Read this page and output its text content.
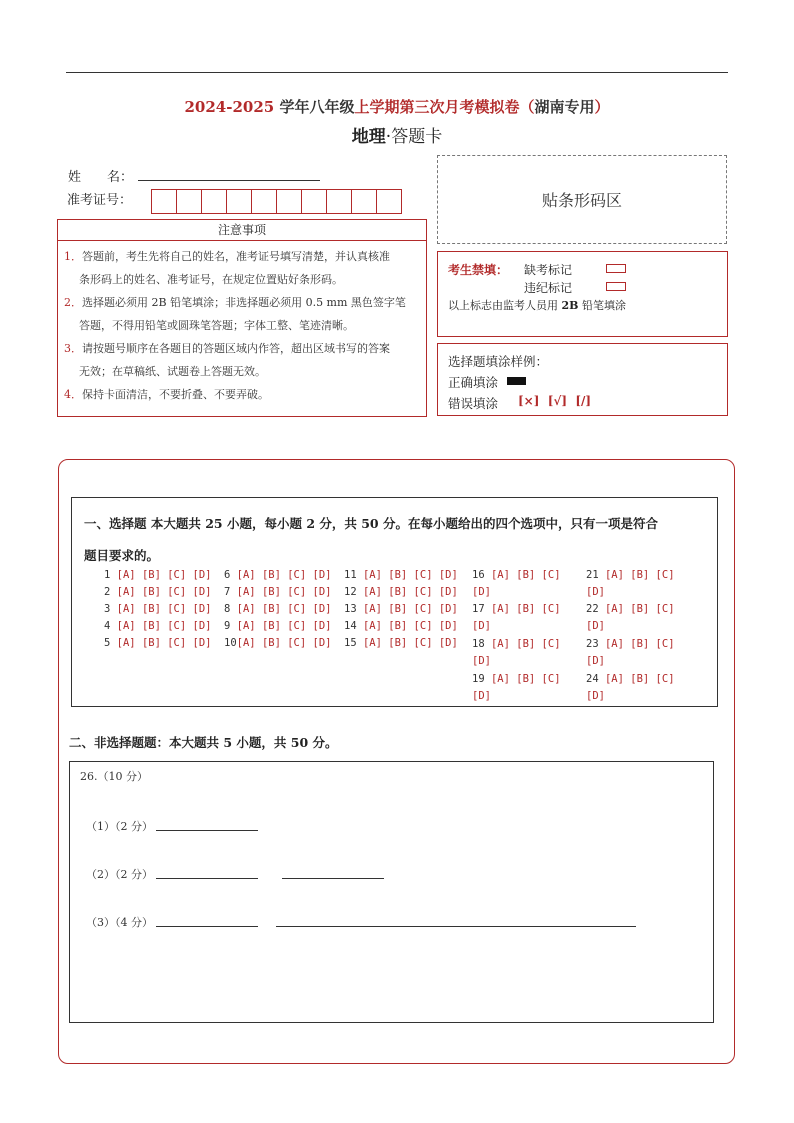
2024-2025 学年八年级上学期第三次月考模拟卷（湖南专用）
地理·答题卡
姓　　名：
准考证号：	贴条形码区
注意事项

1．答题前，考生先将自己的姓名，准考证号填写清楚，并认真核准

条形码上的姓名、准考证号，在规定位置贴好条形码。

2．选择题必须用 2B 铅笔填涂；非选择题必须用 0.5 mm 黑色签字笔

答题，不得用铅笔或圆珠笔答题；字体工整、笔迹清晰。

3．请按题号顺序在各题目的答题区域内作答，超出区域书写的答案

无效；在草稿纸、试题卷上答题无效。

4．保持卡面清洁，不要折叠、不要弄破。

考生禁填： 缺考标记
违纪标记
以上标志由监考人员用 2B 铅笔填涂
选择题填涂样例：
正确填涂
错误填涂 [×]  [√]  [/]
一、选择题 本大题共 25 小题，每小题 2 分，共 50 分。在每小题给出的四个选项中，只有一项是符合
题目要求的。
1 [A] [B] [C] [D]
2 [A] [B] [C] [D]
3 [A] [B] [C] [D]
4 [A] [B] [C] [D]
5 [A] [B] [C] [D]
6 [A] [B] [C] [D]
7 [A] [B] [C] [D]
8 [A] [B] [C] [D]
9 [A] [B] [C] [D]
10[A] [B] [C] [D]
11 [A] [B] [C] [D]
12 [A] [B] [C] [D]
13 [A] [B] [C] [D]
14 [A] [B] [C] [D]
15 [A] [B] [C] [D]
16 [A] [B] [C]
[D]
17 [A] [B] [C]
[D]
18 [A] [B] [C]
[D]
19 [A] [B] [C]
[D]
21 [A] [B] [C]
[D]
22 [A] [B] [C]
[D]
23 [A] [B] [C]
[D]
24 [A] [B] [C]
[D]
二、非选择题题：本大题共 5 小题，共 50 分。
26.（10 分）
（1）（2 分）
（2）（2 分）
（3）（4 分）
